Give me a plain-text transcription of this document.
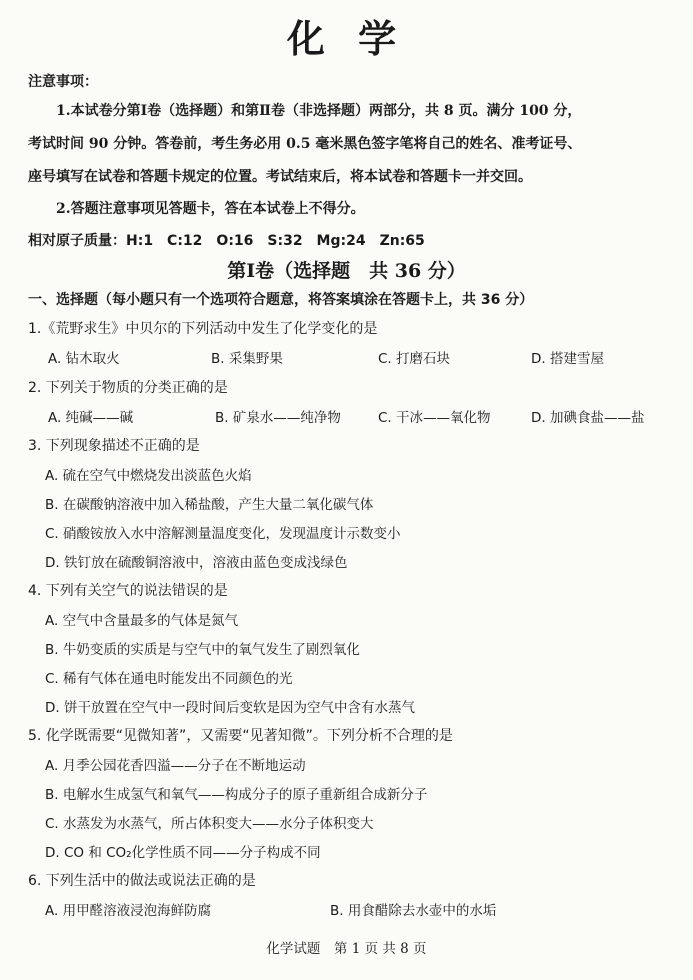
化 学
注意事项：
1.本试卷分第Ⅰ卷（选择题）和第Ⅱ卷（非选择题）两部分，共 8 页。满分 100 分，
考试时间 90 分钟。答卷前，考生务必用 0.5 毫米黑色签字笔将自己的姓名、准考证号、
座号填写在试卷和答题卡规定的位置。考试结束后，将本试卷和答题卡一并交回。
2.答题注意事项见答题卡，答在本试卷上不得分。
相对原子质量：H:1　C:12　O:16　S:32　Mg:24　Zn:65
第Ⅰ卷（选择题　共 36 分）
一、选择题（每小题只有一个选项符合题意，将答案填涂在答题卡上，共 36 分）
1.《荒野求生》中贝尔的下列活动中发生了化学变化的是
A. 钻木取火	B. 采集野果	C. 打磨石块	D. 搭建雪屋
2. 下列关于物质的分类正确的是
A. 纯碱——碱	B. 矿泉水——纯净物	C. 干冰——氧化物	D. 加碘食盐——盐
3. 下列现象描述不正确的是
A. 硫在空气中燃烧发出淡蓝色火焰
B. 在碳酸钠溶液中加入稀盐酸，产生大量二氧化碳气体
C. 硝酸铵放入水中溶解测量温度变化，发现温度计示数变小
D. 铁钉放在硫酸铜溶液中，溶液由蓝色变成浅绿色
4. 下列有关空气的说法错误的是
A. 空气中含量最多的气体是氮气
B. 牛奶变质的实质是与空气中的氧气发生了剧烈氧化
C. 稀有气体在通电时能发出不同颜色的光
D. 饼干放置在空气中一段时间后变软是因为空气中含有水蒸气
5. 化学既需要“见微知著”，又需要“见著知微”。下列分析不合理的是
A. 月季公园花香四溢——分子在不断地运动
B. 电解水生成氢气和氧气——构成分子的原子重新组合成新分子
C. 水蒸发为水蒸气，所占体积变大——水分子体积变大
D. CO 和 CO₂化学性质不同——分子构成不同
6. 下列生活中的做法或说法正确的是
A. 用甲醛溶液浸泡海鲜防腐	B. 用食醋除去水壶中的水垢
化学试题　第 1 页 共 8 页
